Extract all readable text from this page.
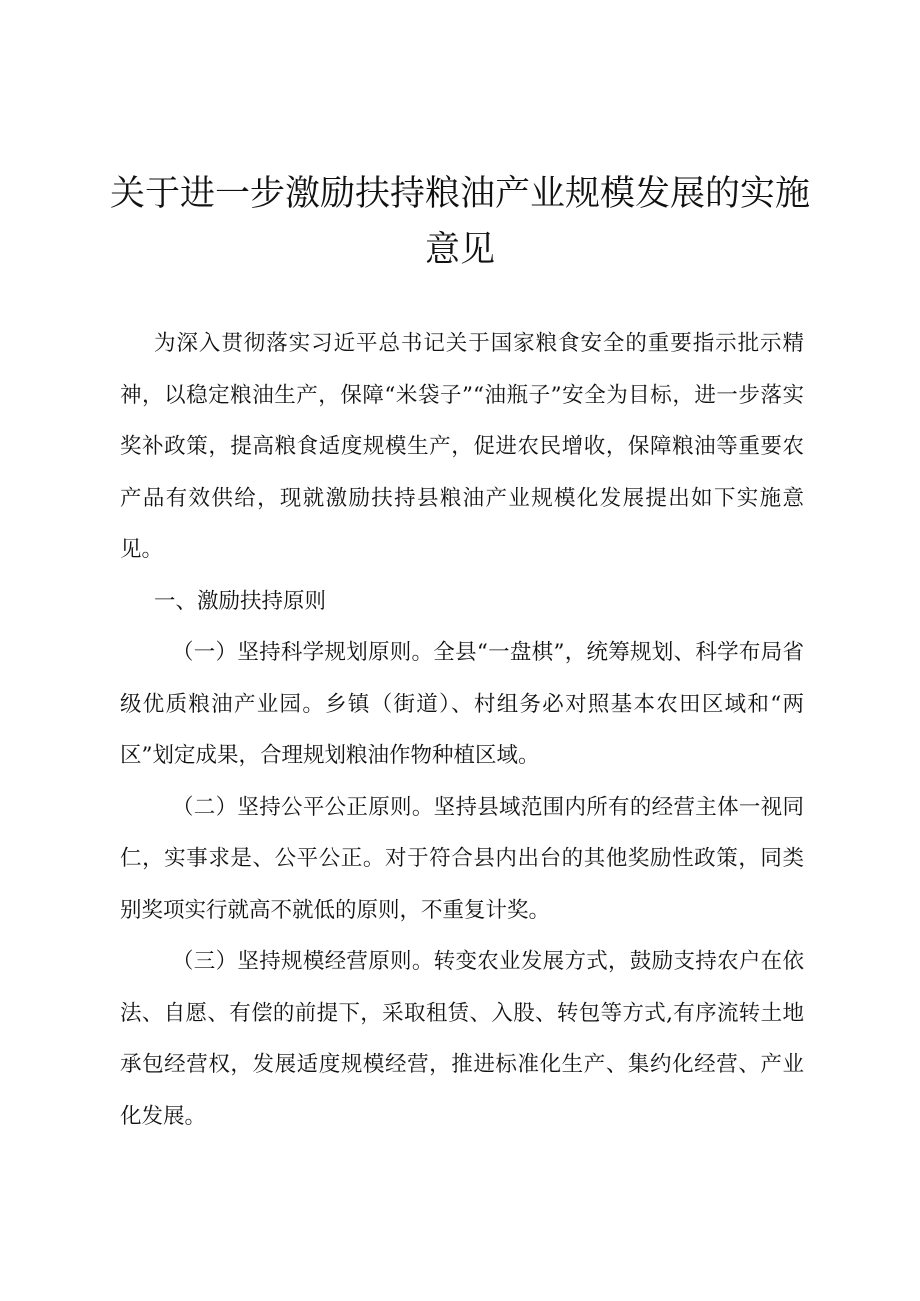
关于进一步激励扶持粮油产业规模发展的实施
意见

为深入贯彻落实习近平总书记关于国家粮食安全的重要指示批示精神，以稳定粮油生产，保障“米袋子”“油瓶子”安全为目标，进一步落实奖补政策，提高粮食适度规模生产，促进农民增收，保障粮油等重要农产品有效供给，现就激励扶持县粮油产业规模化发展提出如下实施意见。

一、激励扶持原则

（一）坚持科学规划原则。全县“一盘棋”，统筹规划、科学布局省级优质粮油产业园。乡镇（街道）、村组务必对照基本农田区域和“两区”划定成果，合理规划粮油作物种植区域。

（二）坚持公平公正原则。坚持县域范围内所有的经营主体一视同仁，实事求是、公平公正。对于符合县内出台的其他奖励性政策，同类别奖项实行就高不就低的原则，不重复计奖。

（三）坚持规模经营原则。转变农业发展方式，鼓励支持农户在依法、自愿、有偿的前提下，采取租赁、入股、转包等方式,有序流转土地承包经营权，发展适度规模经营，推进标准化生产、集约化经营、产业化发展。
